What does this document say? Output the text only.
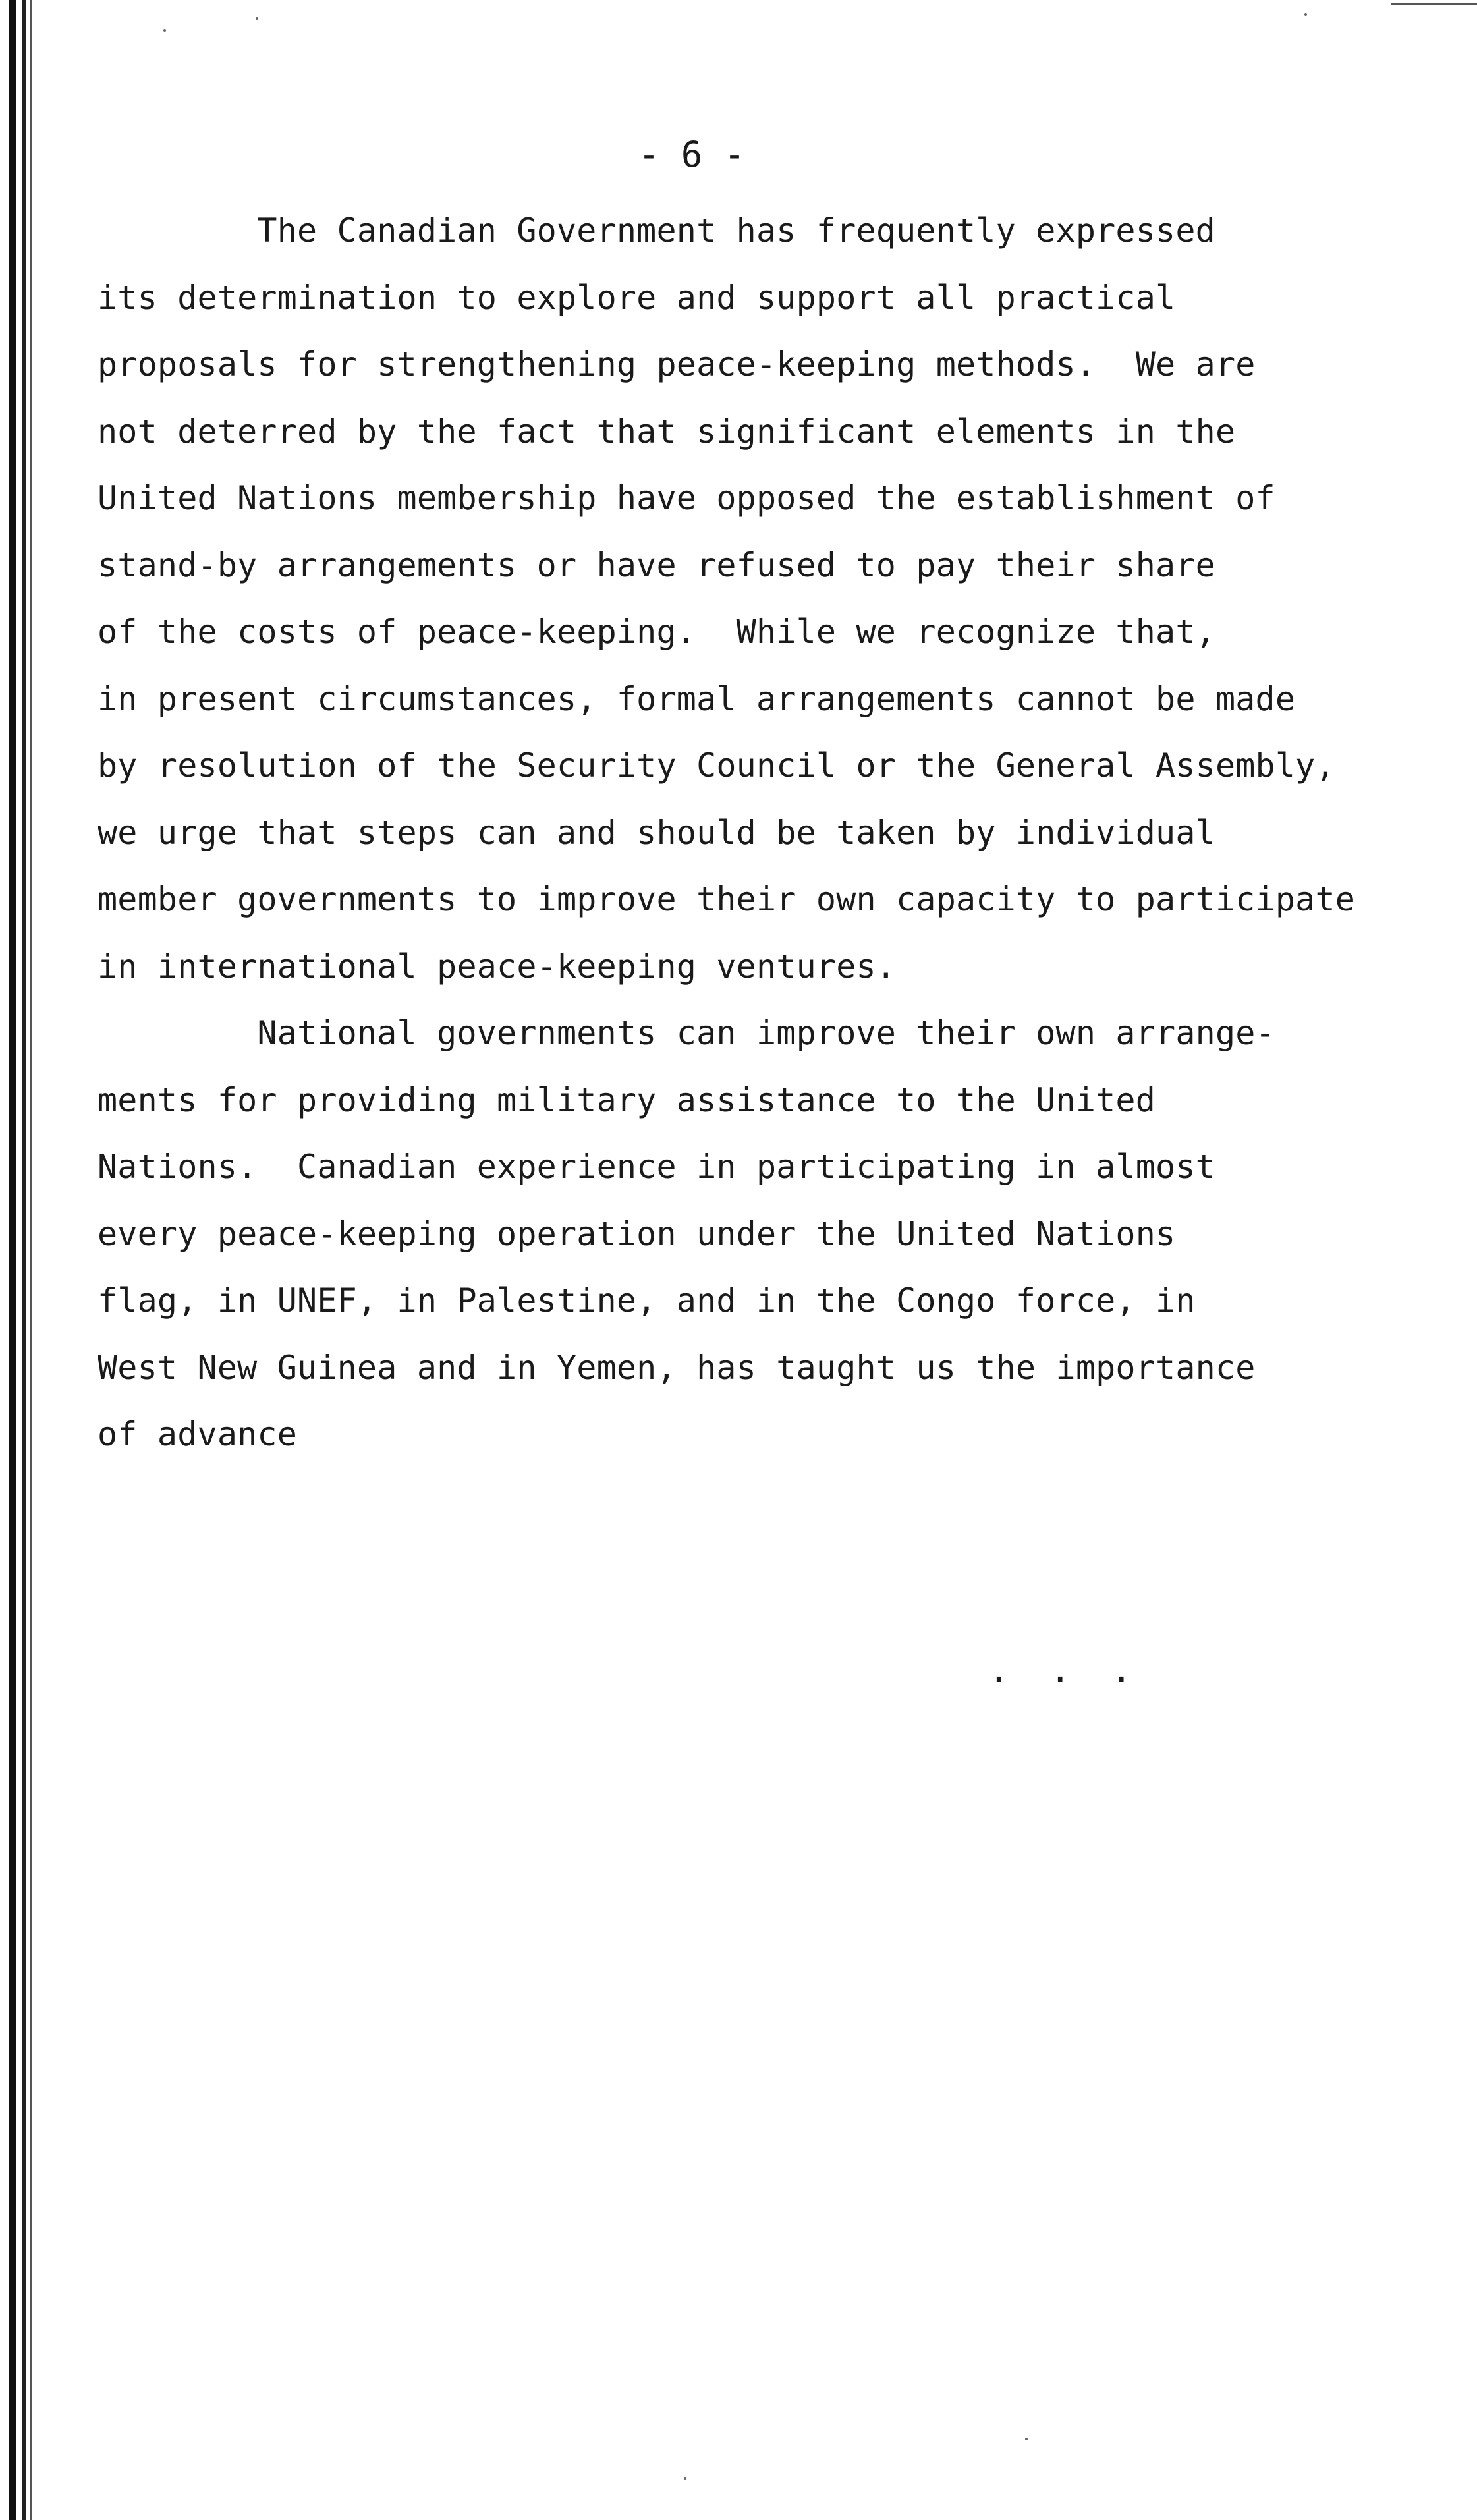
- 6 -
The Canadian Government has frequently expressed
its determination to explore and support all practical
proposals for strengthening peace-keeping methods.  We are
not deterred by the fact that significant elements in the
United Nations membership have opposed the establishment of
stand-by arrangements or have refused to pay their share
of the costs of peace-keeping.  While we recognize that,
in present circumstances, formal arrangements cannot be made
by resolution of the Security Council or the General Assembly,
we urge that steps can and should be taken by individual
member governments to improve their own capacity to participate
in international peace-keeping ventures.
National governments can improve their own arrange-
ments for providing military assistance to the United
Nations.  Canadian experience in participating in almost
every peace-keeping operation under the United Nations
flag, in UNEF, in Palestine, and in the Congo force, in
West New Guinea and in Yemen, has taught us the importance
of advance
. . .
